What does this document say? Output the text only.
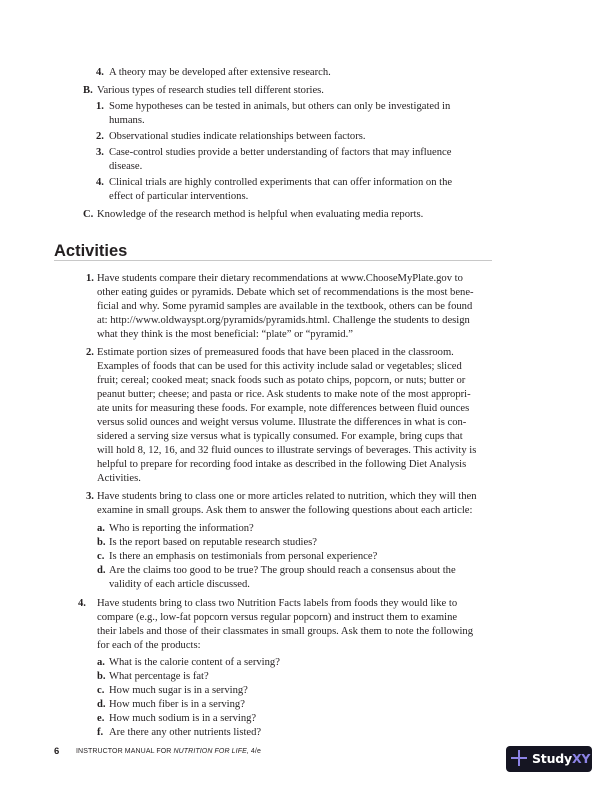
4. A theory may be developed after extensive research.
B. Various types of research studies tell different stories.
1. Some hypotheses can be tested in animals, but others can only be investigated in
humans.
2. Observational studies indicate relationships between factors.
3. Case-control studies provide a better understanding of factors that may influence
disease.
4. Clinical trials are highly controlled experiments that can offer information on the
effect of particular interventions.
C. Knowledge of the research method is helpful when evaluating media reports.
Activities
1. Have students compare their dietary recommendations at www.ChooseMyPlate.gov to
other eating guides or pyramids. Debate which set of recommendations is the most bene-
ficial and why. Some pyramid samples are available in the textbook, others can be found
at: http://www.oldwayspt.org/pyramids/pyramids.html. Challenge the students to design
what they think is the most beneficial: “plate” or “pyramid.”
2. Estimate portion sizes of premeasured foods that have been placed in the classroom.
Examples of foods that can be used for this activity include salad or vegetables; sliced
fruit; cereal; cooked meat; snack foods such as potato chips, popcorn, or nuts; butter or
peanut butter; cheese; and pasta or rice. Ask students to make note of the most appropri-
ate units for measuring these foods. For example, note differences between fluid ounces
versus solid ounces and weight versus volume. Illustrate the differences in what is con-
sidered a serving size versus what is typically consumed. For example, bring cups that
will hold 8, 12, 16, and 32 fluid ounces to illustrate servings of beverages. This activity is
helpful to prepare for recording food intake as described in the following Diet Analysis
Activities.
3. Have students bring to class one or more articles related to nutrition, which they will then
examine in small groups. Ask them to answer the following questions about each article:
a. Who is reporting the information?
b. Is the report based on reputable research studies?
c. Is there an emphasis on testimonials from personal experience?
d. Are the claims too good to be true? The group should reach a consensus about the
validity of each article discussed.
4. Have students bring to class two Nutrition Facts labels from foods they would like to
compare (e.g., low-fat popcorn versus regular popcorn) and instruct them to examine
their labels and those of their classmates in small groups. Ask them to note the following
for each of the products:
a. What is the calorie content of a serving?
b. What percentage is fat?
c. How much sugar is in a serving?
d. How much fiber is in a serving?
e. How much sodium is in a serving?
f. Are there any other nutrients listed?
6 INSTRUCTOR MANUAL FOR NUTRITION FOR LIFE, 4/e	StudyXY
